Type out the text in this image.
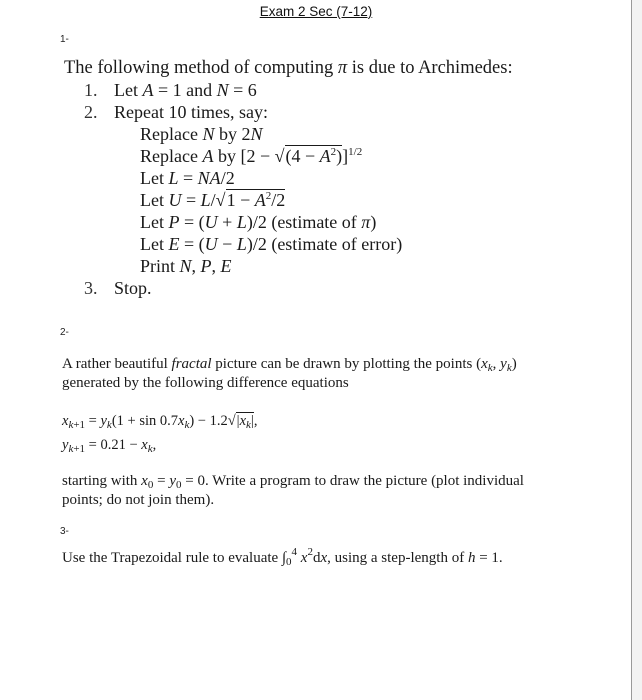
Exam 2 Sec (7-12)
1-
The following method of computing π is due to Archimedes:
1. Let A = 1 and N = 6
2. Repeat 10 times, say:
Replace N by 2N
Replace A by $[2 - √(4 - A^2)]^{1/2}$
Let L = NA/2
Let $U = L/√1 - A^2/2$
Let P = (U + L)/2 (estimate of π)
Let E = (U − L)/2 (estimate of error)
Print N, P, E
3. Stop.
2-
A rather beautiful fractal picture can be drawn by plotting the points ($x_k$, $y_k$) generated by the following difference equations
$x_{k+1} = y_k(1 + \sin 0.7x_k) - 1.2√|x_k|$,
$y_{k+1} = 0.21 - x_k$,
starting with $x_0 = y_0 = 0$. Write a program to draw the picture (plot individual points; do not join them).
3-
Use the Trapezoidal rule to evaluate $\int_0^4$ $x^2dx$, using a step-length of h = 1.
